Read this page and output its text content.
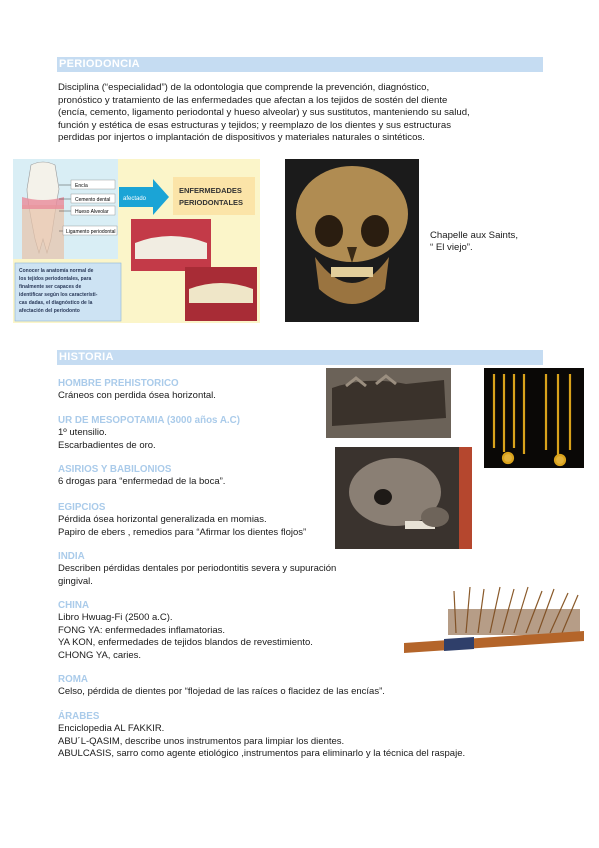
PERIODONCIA
Disciplina (“especialidad”) de la odontologia que comprende la prevención, diagnóstico,
pronóstico y tratamiento de las enfermedades que afectan a los tejidos de sostén del diente
(encía, cemento, ligamento periodontal y hueso alveolar) y sus sustitutos, manteniendo su salud,
función y estética de esas estructuras y tejidos; y reemplazo de los dientes y sus estructuras
perdidas por injertos o implantación de dispositivos y materiales naturales o sintéticos.
Encía
Cemento dental
Hueso Alveolar
Ligamento periodontal
afectado
ENFERMEDADES
PERIODONTALES
Conocer la anatomía normal de los tejidos periodontales, para finalmente ser capaces de identificar según los característi- cas dadas, el diagnóstico de la afectación del periodonto
Chapelle aux Saints,
“ El viejo”.
HISTORIA
HOMBRE PREHISTORICO
Cráneos con perdida ósea horizontal.
UR DE MESOPOTAMIA (3000 años A.C)
1º utensilio.
Escarbadientes de oro.
ASIRIOS Y BABILONIOS
6 drogas para “enfermedad de la boca”.
EGIPCIOS
Pérdida ósea horizontal generalizada en momias.
Papiro de ebers , remedios para “Afirmar los dientes flojos”
INDIA
Describen pérdidas dentales por periodontitis severa y supuración
gingival.
CHINA
Libro Hwuag-Fi (2500 a.C).
FONG YA: enfermedades inflamatorias.
YA KON, enfermedades de tejidos blandos de revestimiento.
CHONG YA, caries.
ROMA
Celso, pérdida de dientes por “flojedad de las raíces o flacidez de las encías”.
ÁRABES
Enciclopedia AL FAKKIR.
ABU´L-QASIM, describe unos instrumentos para limpiar los dientes.
ABULCASIS, sarro como agente etiológico ,instrumentos para eliminarlo y la técnica del raspaje.
